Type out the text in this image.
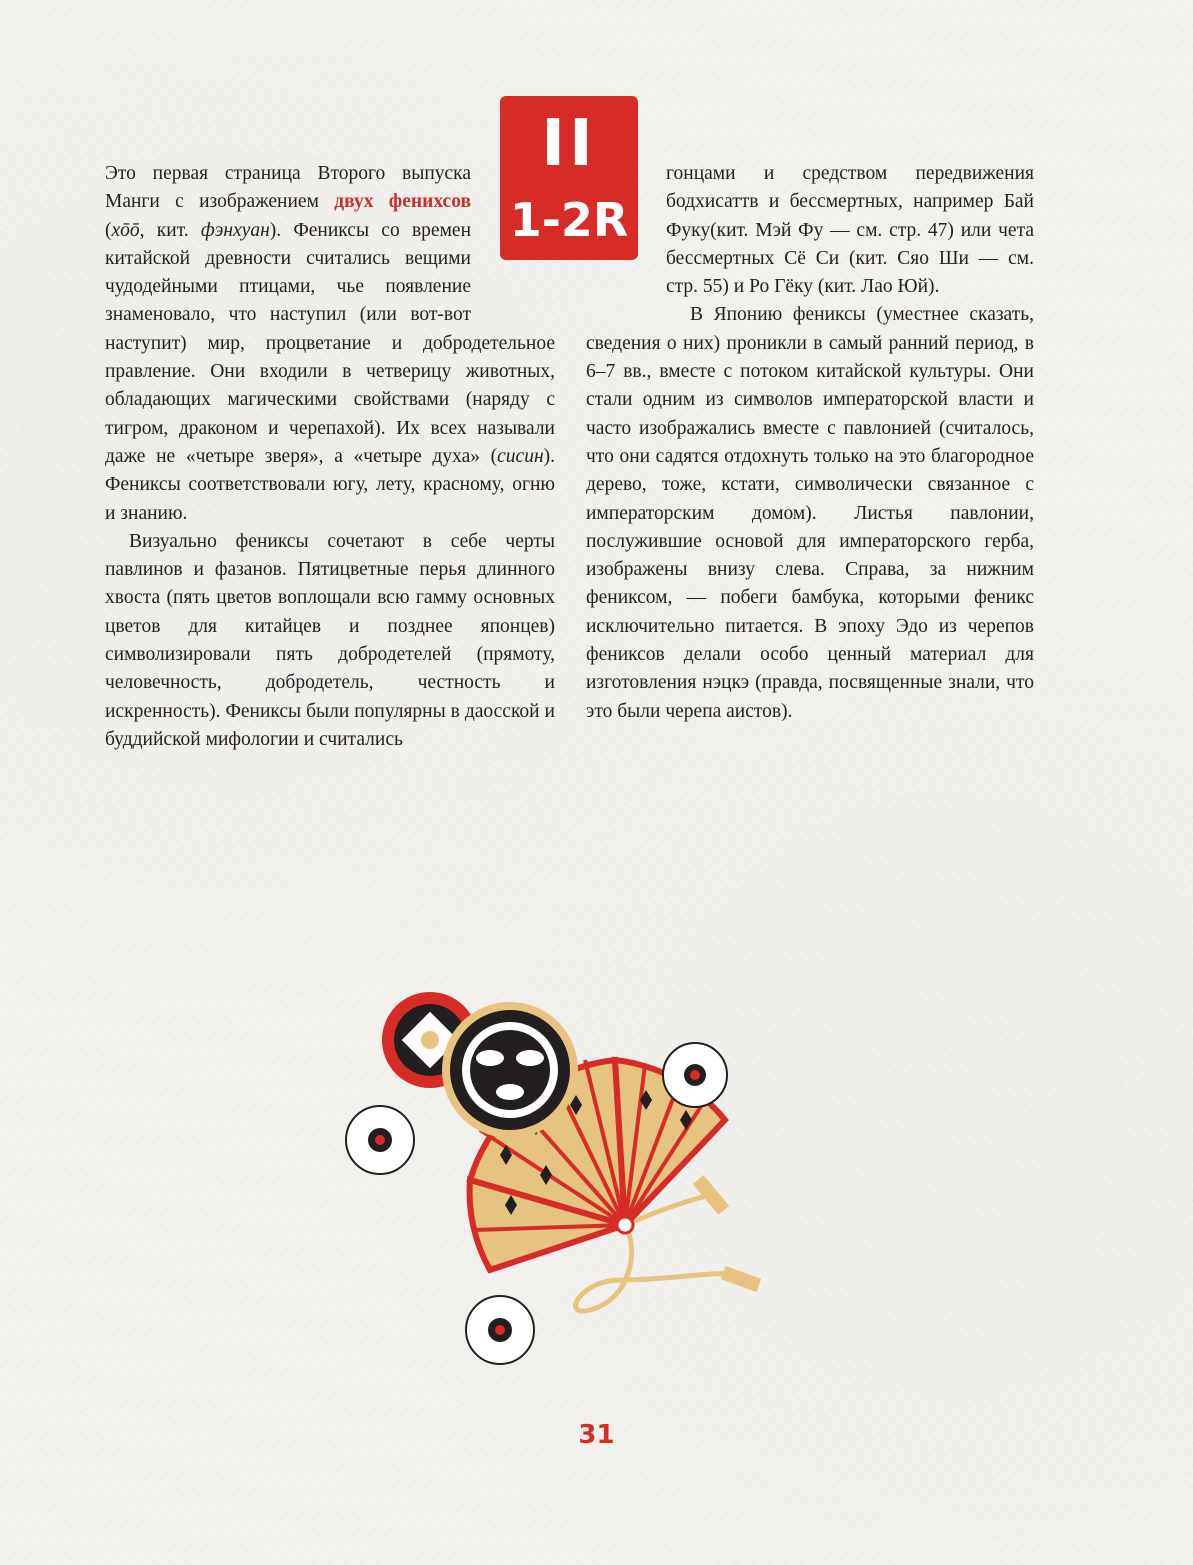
II
1-2R

Это первая страница Второго выпуска Манги с изображением двух фенихсов (хōō, кит. фэнхуан). Фениксы со времен китайской древности считались вещими чудодейными птицами, чье появление знаменовало, что наступил (или вот-вот наступит) мир, процветание и добродетельное правление. Они входили в четверицу животных, обладающих магическими свойствами (наряду с тигром, драконом и черепахой). Их всех называли даже не «четыре зверя», а «четыре духа» (сисин). Фениксы соответствовали югу, лету, красному, огню и знанию.

Визуально фениксы сочетают в себе черты павлинов и фазанов. Пятицветные перья длинного хвоста (пять цветов воплощали всю гамму основных цветов для китайцев и позднее японцев) символизировали пять добродетелей (прямоту, человечность, добродетель, честность и искренность). Фениксы были популярны в даосской и буддийской мифологии и считались

гонцами и средством передвижения бодхисаттв и бессмертных, например Бай Фуку(кит. Мэй Фу — см. стр. 47) или чета бессмертных Сё Си (кит. Сяо Ши — см. стр. 55) и Ро Гёку (кит. Лао Юй).

В Японию фениксы (уместнее сказать, сведения о них) проникли в самый ранний период, в 6–7 вв., вместе с потоком китайской культуры. Они стали одним из символов императорской власти и часто изображались вместе с павлонией (считалось, что они садятся отдохнуть только на это благородное дерево, тоже, кстати, символически связанное с императорским домом). Листья павлонии, послужившие основой для императорского герба, изображены внизу слева. Справа, за нижним фениксом, — побеги бамбука, которыми феникс исключительно питается. В эпоху Эдо из черепов фениксов делали особо ценный материал для изготовления нэцкэ (правда, посвященные знали, что это были черепа аистов).

31
